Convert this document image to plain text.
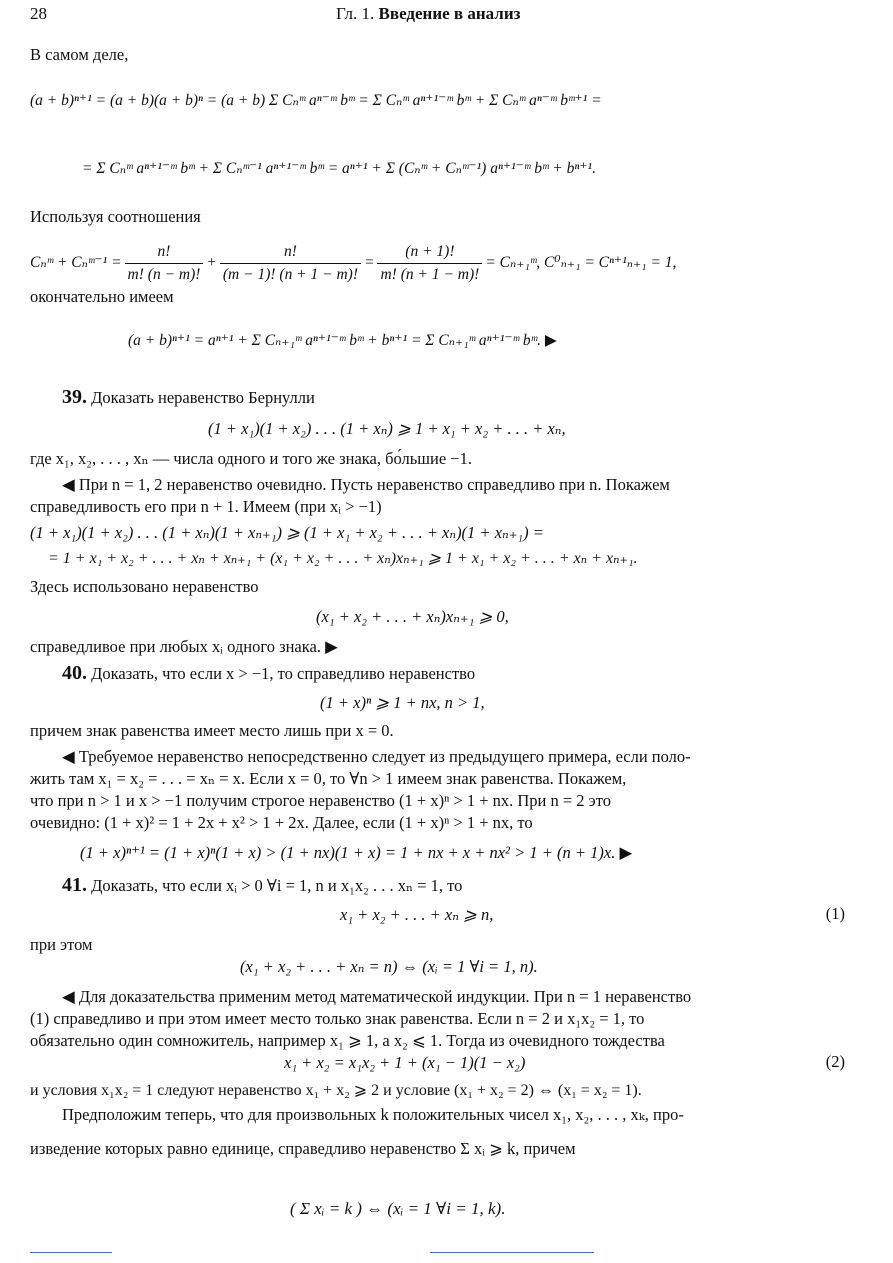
28	Гл. 1. Введение в анализ
В самом деле,
(a + b)ⁿ⁺¹ = (a + b)(a + b)ⁿ = (a + b) Σ Cₙᵐ aⁿ⁻ᵐ bᵐ = Σ Cₙᵐ aⁿ⁺¹⁻ᵐ bᵐ + Σ Cₙᵐ aⁿ⁻ᵐ bᵐ⁺¹ =
= Σ Cₙᵐ aⁿ⁺¹⁻ᵐ bᵐ + Σ Cₙᵐ⁻¹ aⁿ⁺¹⁻ᵐ bᵐ = aⁿ⁺¹ + Σ (Cₙᵐ + Cₙᵐ⁻¹) aⁿ⁺¹⁻ᵐ bᵐ + bⁿ⁺¹.
Используя соотношения
Cₙᵐ + Cₙᵐ⁻¹ = $\frac{n!}{m! (n - m)!} + \frac{n!}{(m - 1)! (n + 1 - m)!} = \frac{(n + 1)!}{m! (n + 1 - m)!}$ = Cₙ₊₁ᵐ, C⁰ₙ₊₁ = Cⁿ⁺¹ₙ₊₁ = 1,
окончательно имеем
(a + b)ⁿ⁺¹ = aⁿ⁺¹ + Σ Cₙ₊₁ᵐ aⁿ⁺¹⁻ᵐ bᵐ + bⁿ⁺¹ = Σ Cₙ₊₁ᵐ aⁿ⁺¹⁻ᵐ bᵐ. ▶
39. Доказать неравенство Бернулли
(1 + x₁)(1 + x₂) . . . (1 + xₙ) ⩾ 1 + x₁ + x₂ + . . . + xₙ,
где x₁, x₂, . . . , xₙ — числа одного и того же знака, бо́льшие −1.
◀ При n = 1, 2 неравенство очевидно. Пусть неравенство справедливо при n. Покажем
справедливость его при n + 1. Имеем (при xᵢ > −1)
(1 + x₁)(1 + x₂) . . . (1 + xₙ)(1 + xₙ₊₁) ⩾ (1 + x₁ + x₂ + . . . + xₙ)(1 + xₙ₊₁) =
= 1 + x₁ + x₂ + . . . + xₙ + xₙ₊₁ + (x₁ + x₂ + . . . + xₙ)xₙ₊₁ ⩾ 1 + x₁ + x₂ + . . . + xₙ + xₙ₊₁.
Здесь использовано неравенство
(x₁ + x₂ + . . . + xₙ)xₙ₊₁ ⩾ 0,
справедливое при любых xᵢ одного знака. ▶
40. Доказать, что если x > −1, то справедливо неравенство
(1 + x)ⁿ ⩾ 1 + nx, n > 1,
причем знак равенства имеет место лишь при x = 0.
◀ Требуемое неравенство непосредственно следует из предыдущего примера, если поло-
жить там x₁ = x₂ = . . . = xₙ = x. Если x = 0, то ∀n > 1 имеем знак равенства. Покажем,
что при n > 1 и x > −1 получим строгое неравенство (1 + x)ⁿ > 1 + nx. При n = 2 это
очевидно: (1 + x)² = 1 + 2x + x² > 1 + 2x. Далее, если (1 + x)ⁿ > 1 + nx, то
(1 + x)ⁿ⁺¹ = (1 + x)ⁿ(1 + x) > (1 + nx)(1 + x) = 1 + nx + x + nx² > 1 + (n + 1)x. ▶
41. Доказать, что если xᵢ > 0 ∀i = 1, n и x₁x₂ . . . xₙ = 1, то
x₁ + x₂ + . . . + xₙ ⩾ n,	(1)
при этом
(x₁ + x₂ + . . . + xₙ = n) ⇔ (xᵢ = 1 ∀i = 1, n).
◀ Для доказательства применим метод математической индукции. При n = 1 неравенство
(1) справедливо и при этом имеет место только знак равенства. Если n = 2 и x₁x₂ = 1, то
обязательно один сомножитель, например x₁ ⩾ 1, а x₂ ⩽ 1. Тогда из очевидного тождества
x₁ + x₂ = x₁x₂ + 1 + (x₁ − 1)(1 − x₂)	(2)
и условия x₁x₂ = 1 следуют неравенство x₁ + x₂ ⩾ 2 и условие (x₁ + x₂ = 2) ⇔ (x₁ = x₂ = 1).
Предположим теперь, что для произвольных k положительных чисел x₁, x₂, . . . , xₖ, про-
изведение которых равно единице, справедливо неравенство Σ xᵢ ⩾ k, причем
( Σ xᵢ = k ) ⇔ (xᵢ = 1 ∀i = 1, k).
